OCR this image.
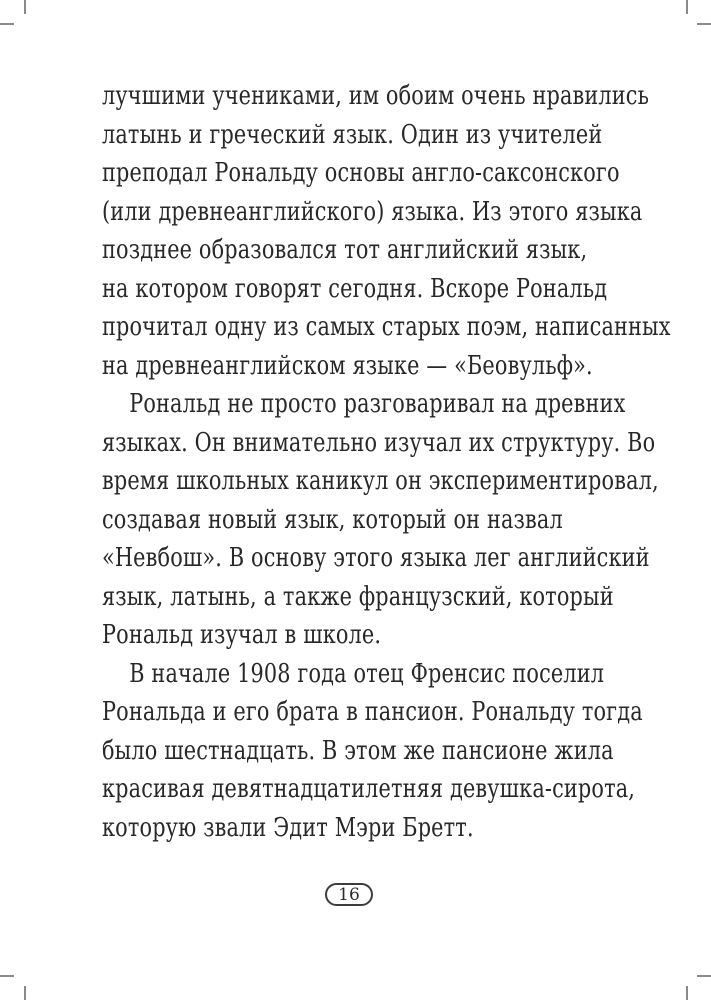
лучшими учениками, им обоим очень нравились
латынь и греческий язык. Один из учителей
преподал Рональду основы англо-саксонского
(или древнеанглийского) языка. Из этого языка
позднее образовался тот английский язык,
на котором говорят сегодня. Вскоре Рональд
прочитал одну из самых старых поэм, написанных
на древнеанглийском языке — «Беовульф».
Рональд не просто разговаривал на древних
языках. Он внимательно изучал их структуру. Во
время школьных каникул он экспериментировал,
создавая новый язык, который он назвал
«Невбош». В основу этого языка лег английский
язык, латынь, а также французский, который
Рональд изучал в школе.
В начале 1908 года отец Френсис поселил
Рональда и его брата в пансион. Рональду тогда
было шестнадцать. В этом же пансионе жила
красивая девятнадцатилетняя девушка-сирота,
которую звали Эдит Мэри Бретт.
16
